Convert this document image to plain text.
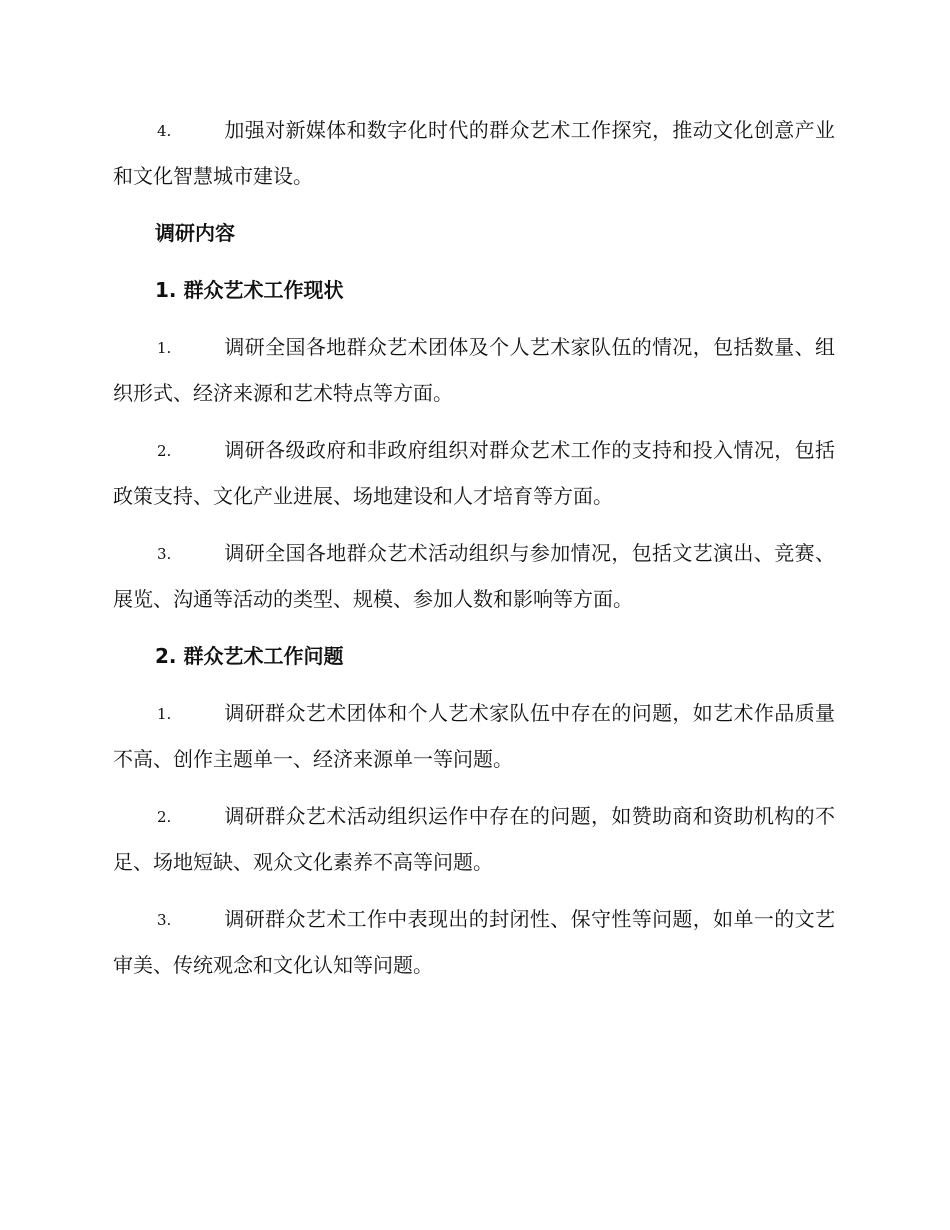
4.	加强对新媒体和数字化时代的群众艺术工作探究，推动文化创意产业和文化智慧城市建设。

调研内容

1. 群众艺术工作现状

1.	调研全国各地群众艺术团体及个人艺术家队伍的情况，包括数量、组织形式、经济来源和艺术特点等方面。

2.	调研各级政府和非政府组织对群众艺术工作的支持和投入情况，包括政策支持、文化产业进展、场地建设和人才培育等方面。

3.	调研全国各地群众艺术活动组织与参加情况，包括文艺演出、竞赛、展览、沟通等活动的类型、规模、参加人数和影响等方面。

2. 群众艺术工作问题

1.	调研群众艺术团体和个人艺术家队伍中存在的问题，如艺术作品质量不高、创作主题单一、经济来源单一等问题。

2.	调研群众艺术活动组织运作中存在的问题，如赞助商和资助机构的不足、场地短缺、观众文化素养不高等问题。

3.	调研群众艺术工作中表现出的封闭性、保守性等问题，如单一的文艺审美、传统观念和文化认知等问题。
